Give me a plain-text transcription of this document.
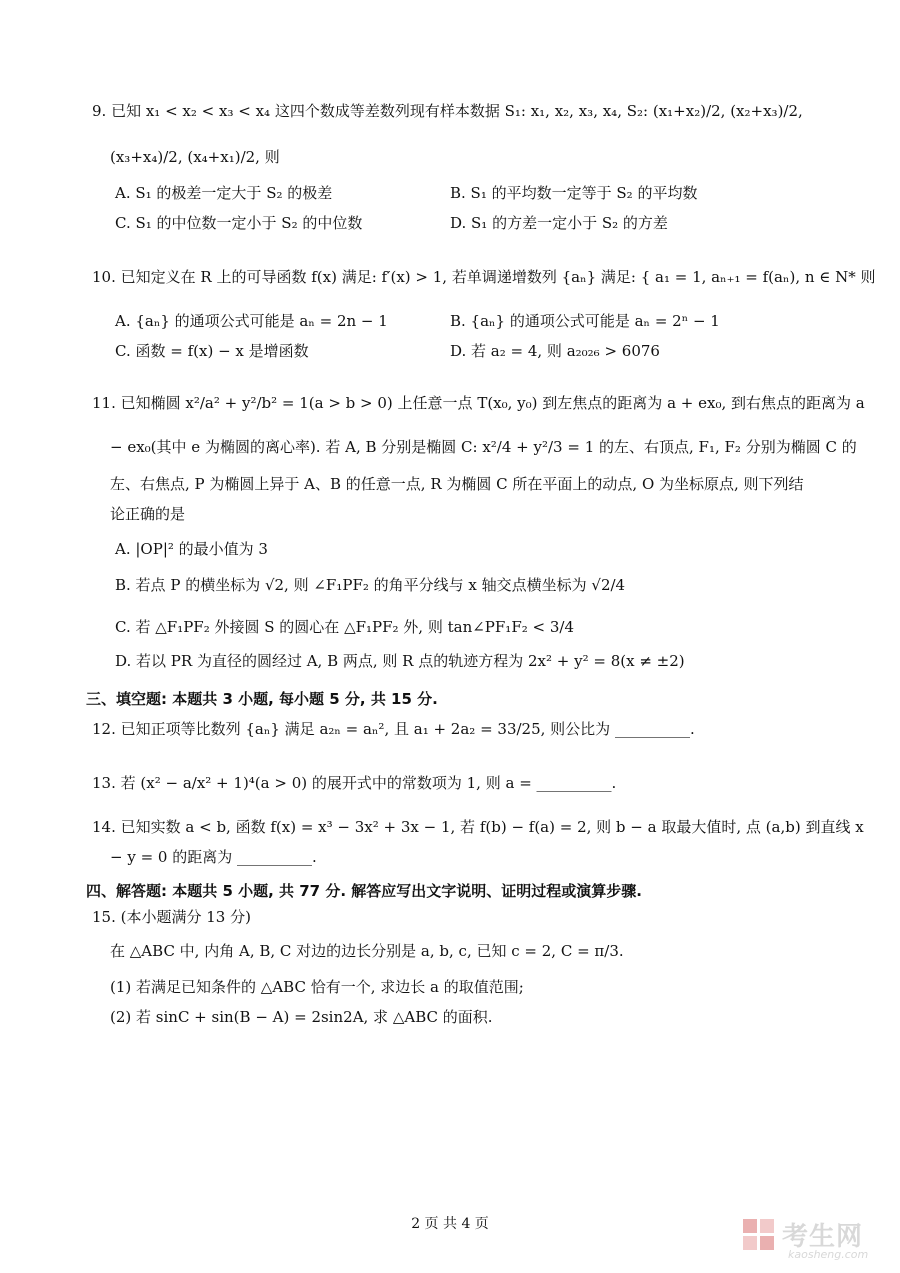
9. 已知 x₁ < x₂ < x₃ < x₄ 这四个数成等差数列现有样本数据 S₁: x₁, x₂, x₃, x₄, S₂: (x₁+x₂)/2, (x₂+x₃)/2,
(x₃+x₄)/2, (x₄+x₁)/2, 则
A. S₁ 的极差一定大于 S₂ 的极差	B. S₁ 的平均数一定等于 S₂ 的平均数
C. S₁ 的中位数一定小于 S₂ 的中位数	D. S₁ 的方差一定小于 S₂ 的方差
10. 已知定义在 R 上的可导函数 f(x) 满足: f′(x) > 1, 若单调递增数列 {aₙ} 满足: { a₁ = 1, aₙ₊₁ = f(aₙ), n ∈ N* 则
A. {aₙ} 的通项公式可能是 aₙ = 2n − 1	B. {aₙ} 的通项公式可能是 aₙ = 2ⁿ − 1
C. 函数 = f(x) − x 是增函数	D. 若 a₂ = 4, 则 a₂₀₂₆ > 6076
11. 已知椭圆 x²/a² + y²/b² = 1(a > b > 0) 上任意一点 T(x₀, y₀) 到左焦点的距离为 a + ex₀, 到右焦点的距离为 a
− ex₀(其中 e 为椭圆的离心率). 若 A, B 分别是椭圆 C: x²/4 + y²/3 = 1 的左、右顶点, F₁, F₂ 分别为椭圆 C 的
左、右焦点, P 为椭圆上异于 A、B 的任意一点, R 为椭圆 C 所在平面上的动点, O 为坐标原点, 则下列结
论正确的是
A. |OP|² 的最小值为 3
B. 若点 P 的横坐标为 √2, 则 ∠F₁PF₂ 的角平分线与 x 轴交点横坐标为 √2/4
C. 若 △F₁PF₂ 外接圆 S 的圆心在 △F₁PF₂ 外, 则 tan∠PF₁F₂ < 3/4
D. 若以 PR 为直径的圆经过 A, B 两点, 则 R 点的轨迹方程为 2x² + y² = 8(x ≠ ±2)
三、填空题: 本题共 3 小题, 每小题 5 分, 共 15 分.
12. 已知正项等比数列 {aₙ} 满足 a₂ₙ = aₙ², 且 a₁ + 2a₂ = 33/25, 则公比为 __________.
13. 若 (x² − a/x² + 1)⁴(a > 0) 的展开式中的常数项为 1, 则 a = __________.
14. 已知实数 a < b, 函数 f(x) = x³ − 3x² + 3x − 1, 若 f(b) − f(a) = 2, 则 b − a 取最大值时, 点 (a,b) 到直线 x
− y = 0 的距离为 __________.
四、解答题: 本题共 5 小题, 共 77 分. 解答应写出文字说明、证明过程或演算步骤.
15. (本小题满分 13 分)
在 △ABC 中, 内角 A, B, C 对边的边长分别是 a, b, c, 已知 c = 2, C = π/3.
(1) 若满足已知条件的 △ABC 恰有一个, 求边长 a 的取值范围;
(2) 若 sinC + sin(B − A) = 2sin2A, 求 △ABC 的面积.
2 页 共 4 页	考生网
kaosheng.com
